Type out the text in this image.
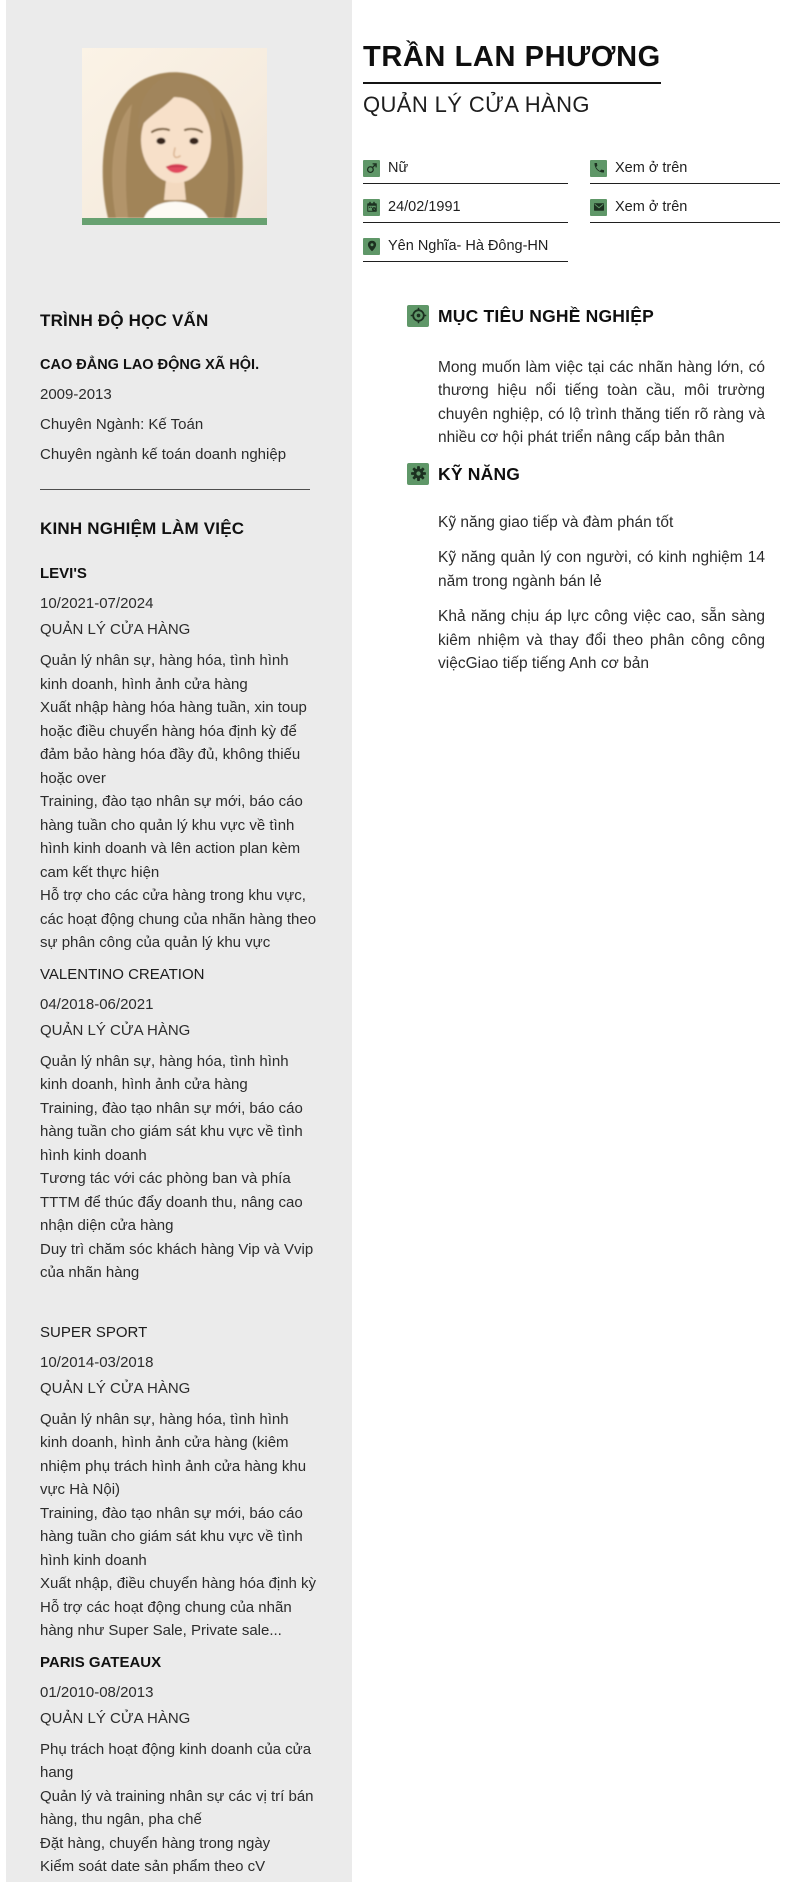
TRÌNH ĐỘ HỌC VẤN
CAO ĐẲNG LAO ĐỘNG XÃ HỘI.
2009-2013
Chuyên Ngành: Kế Toán
Chuyên ngành kế toán doanh nghiệp
KINH NGHIỆM LÀM VIỆC
LEVI'S
10/2021-07/2024
QUẢN LÝ CỬA HÀNG
Quản lý nhân sự, hàng hóa, tình hình kinh doanh, hình ảnh cửa hàng
Xuất nhập hàng hóa hàng tuần, xin toup hoặc điều chuyển hàng hóa định kỳ để đảm bảo hàng hóa đầy đủ, không thiếu hoặc over
Training, đào tạo nhân sự mới, báo cáo hàng tuần cho quản lý khu vực về tình hình kinh doanh và lên action plan kèm cam kết thực hiện
Hỗ trợ cho các cửa hàng trong khu vực, các hoạt động chung của nhãn hàng theo sự phân công của quản lý khu vực
VALENTINO CREATION
04/2018-06/2021
QUẢN LÝ CỬA HÀNG
Quản lý nhân sự, hàng hóa, tình hình kinh doanh, hình ảnh cửa hàng
Training, đào tạo nhân sự mới, báo cáo hàng tuần cho giám sát khu vực về tình hình kinh doanh
Tương tác với các phòng ban và phía TTTM để thúc đẩy doanh thu, nâng cao nhận diện cửa hàng
Duy trì chăm sóc khách hàng Vip và Vvip của nhãn hàng
SUPER SPORT
10/2014-03/2018
QUẢN LÝ CỬA HÀNG
Quản lý nhân sự, hàng hóa, tình hình kinh doanh, hình ảnh cửa hàng (kiêm nhiệm phụ trách hình ảnh cửa hàng khu vực Hà Nội)
Training, đào tạo nhân sự mới, báo cáo hàng tuần cho giám sát khu vực về tình hình kinh doanh
Xuất nhập, điều chuyển hàng hóa định kỳ
Hỗ trợ các hoạt động chung của nhãn hàng như Super Sale, Private sale...
PARIS GATEAUX
01/2010-08/2013
QUẢN LÝ CỬA HÀNG
Phụ trách hoạt động kinh doanh của cửa hang
Quản lý và training nhân sự các vị trí bán hàng, thu ngân, pha chế
Đặt hàng, chuyển hàng trong ngày
Kiểm soát date sản phẩm theo cV
TRẦN LAN PHƯƠNG
QUẢN LÝ CỬA HÀNG
Nữ	Xem ở trên
24/02/1991	Xem ở trên
Yên Nghĩa- Hà Đông-HN
MỤC TIÊU NGHỀ NGHIỆP

Mong muốn làm việc tại các nhãn hàng lớn, có thương hiệu nổi tiếng toàn cầu, môi trường chuyên nghiệp, có lộ trình thăng tiến rõ ràng và nhiều cơ hội phát triển nâng cấp bản thân

KỸ NĂNG

Kỹ năng giao tiếp và đàm phán tốt

Kỹ năng quản lý con người, có kinh nghiệm 14 năm trong ngành bán lẻ

Khả năng chịu áp lực công việc cao, sẵn sàng kiêm nhiệm và thay đổi theo phân công công việcGiao tiếp tiếng Anh cơ bản
